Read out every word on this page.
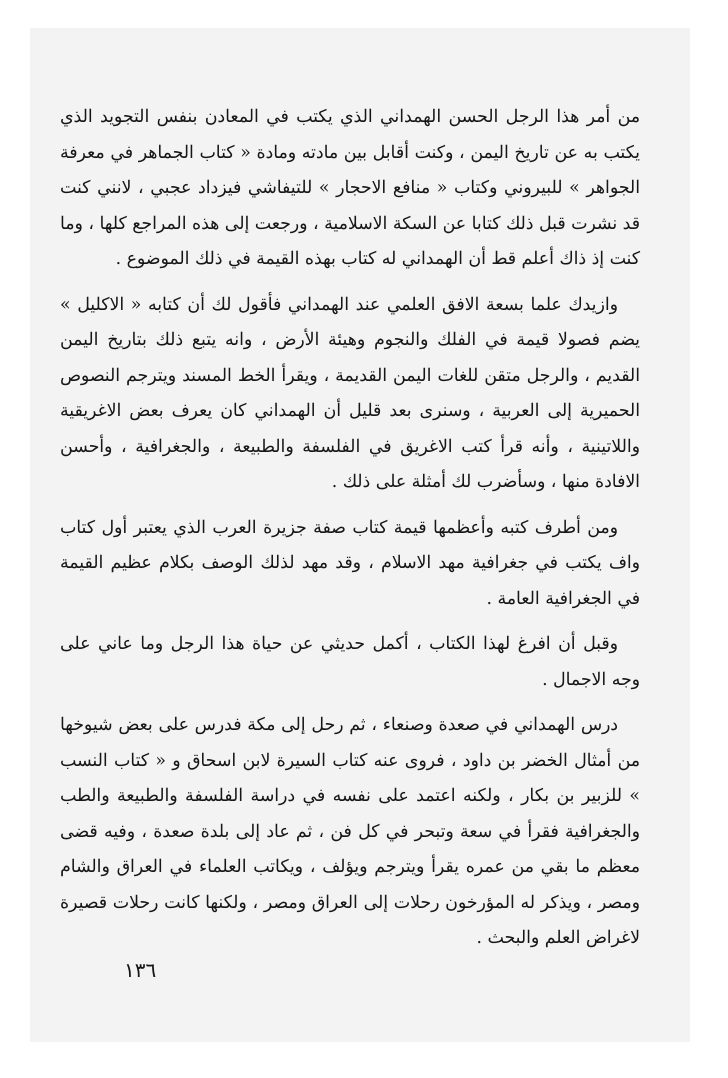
من أمر هذا الرجل الحسن الهمداني الذي يكتب في المعادن بنفس التجويد الذي يكتب به عن تاريخ اليمن ، وكنت أقابل بين مادته ومادة « كتاب الجماهر في معرفة الجواهر » للبيروني وكتاب « منافع الاحجار » للتيفاشي فيزداد عجبي ، لانني كنت قد نشرت قبل ذلك كتابا عن السكة الاسلامية ، ورجعت إلى هذه المراجع كلها ، وما كنت إذ ذاك أعلم قط أن الهمداني له كتاب بهذه القيمة في ذلك الموضوع .

وازيدك علما بسعة الافق العلمي عند الهمداني فأقول لك أن كتابه « الاكليل » يضم فصولا قيمة في الفلك والنجوم وهيئة الأرض ، وانه يتبع ذلك بتاريخ اليمن القديم ، والرجل متقن للغات اليمن القديمة ، ويقرأ الخط المسند ويترجم النصوص الحميرية إلى العربية ، وسنرى بعد قليل أن الهمداني كان يعرف بعض الاغريقية واللاتينية ، وأنه قرأ كتب الاغريق في الفلسفة والطبيعة ، والجغرافية ، وأحسن الافادة منها ، وسأضرب لك أمثلة على ذلك .

ومن أطرف كتبه وأعظمها قيمة كتاب صفة جزيرة العرب الذي يعتبر أول كتاب واف يكتب في جغرافية مهد الاسلام ، وقد مهد لذلك الوصف بكلام عظيم القيمة في الجغرافية العامة .

وقبل أن افرغ لهذا الكتاب ، أكمل حديثي عن حياة هذا الرجل وما عاني على وجه الاجمال .

درس الهمداني في صعدة وصنعاء ، ثم رحل إلى مكة فدرس على بعض شيوخها من أمثال الخضر بن داود ، فروى عنه كتاب السيرة لابن اسحاق و « كتاب النسب » للزبير بن بكار ، ولكنه اعتمد على نفسه في دراسة الفلسفة والطبيعة والطب والجغرافية فقرأ في سعة وتبحر في كل فن ، ثم عاد إلى بلدة صعدة ، وفيه قضى معظم ما بقي من عمره يقرأ ويترجم ويؤلف ، ويكاتب العلماء في العراق والشام ومصر ، ويذكر له المؤرخون رحلات إلى العراق ومصر ، ولكنها كانت رحلات قصيرة لاغراض العلم والبحث .

١٣٦
